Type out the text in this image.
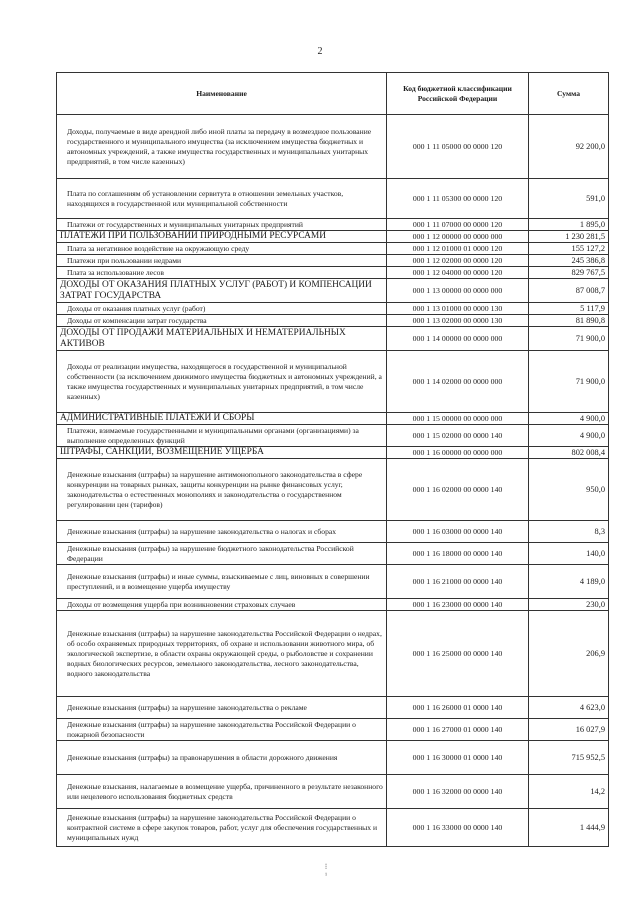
2
Наименование	Код бюджетной классификации Российской Федерации	Сумма
Доходы, получаемые в виде арендной либо иной платы за передачу в возмездное пользование государственного и муниципального имущества (за исключением имущества бюджетных и автономных учреждений, а также имущества государственных и муниципальных унитарных предприятий, в том числе казенных)	000 1 11 05000 00 0000 120	92 200,0
Плата по соглашениям об установлении сервитута в отношении земельных участков, находящихся в государственной или муниципальной собственности	000 1 11 05300 00 0000 120	591,0
Платежи от государственных и муниципальных унитарных предприятий	000 1 11 07000 00 0000 120	1 895,0
ПЛАТЕЖИ ПРИ ПОЛЬЗОВАНИИ ПРИРОДНЫМИ РЕСУРСАМИ	000 1 12 00000 00 0000 000	1 230 281,5
Плата за негативное воздействие на окружающую среду	000 1 12 01000 01 0000 120	155 127,2
Платежи при пользовании недрами	000 1 12 02000 00 0000 120	245 386,8
Плата за использование лесов	000 1 12 04000 00 0000 120	829 767,5
ДОХОДЫ ОТ ОКАЗАНИЯ ПЛАТНЫХ УСЛУГ (РАБОТ) И КОМПЕНСАЦИИ ЗАТРАТ ГОСУДАРСТВА	000 1 13 00000 00 0000 000	87 008,7
Доходы от оказания платных услуг (работ)	000 1 13 01000 00 0000 130	5 117,9
Доходы от компенсации затрат государства	000 1 13 02000 00 0000 130	81 890,8
ДОХОДЫ ОТ ПРОДАЖИ МАТЕРИАЛЬНЫХ И НЕМАТЕРИАЛЬНЫХ АКТИВОВ	000 1 14 00000 00 0000 000	71 900,0
Доходы от реализации имущества, находящегося в государственной и муниципальной собственности (за исключением движимого имущества бюджетных и автономных учреждений, а также имущества государственных и муниципальных унитарных предприятий, в том числе казенных)	000 1 14 02000 00 0000 000	71 900,0
АДМИНИСТРАТИВНЫЕ ПЛАТЕЖИ И СБОРЫ	000 1 15 00000 00 0000 000	4 900,0
Платежи, взимаемые государственными и муниципальными органами (организациями) за выполнение определенных функций	000 1 15 02000 00 0000 140	4 900,0
ШТРАФЫ, САНКЦИИ, ВОЗМЕЩЕНИЕ УЩЕРБА	000 1 16 00000 00 0000 000	802 008,4
Денежные взыскания (штрафы) за нарушение антимонопольного законодательства в сфере конкуренции на товарных рынках, защиты конкуренции на рынке финансовых услуг, законодательства о естественных монополиях и законодательства о государственном регулировании цен (тарифов)	000 1 16 02000 00 0000 140	950,0
Денежные взыскания (штрафы) за нарушение законодательства о налогах и сборах	000 1 16 03000 00 0000 140	8,3
Денежные взыскания (штрафы) за нарушение бюджетного законодательства Российской Федерации	000 1 16 18000 00 0000 140	140,0
Денежные взыскания (штрафы) и иные суммы, взыскиваемые с лиц, виновных в совершении преступлений, и в возмещение ущерба имуществу	000 1 16 21000 00 0000 140	4 189,0
Доходы от возмещения ущерба при возникновении страховых случаев	000 1 16 23000 00 0000 140	230,0
Денежные взыскания (штрафы) за нарушение законодательства Российской Федерации о недрах, об особо охраняемых природных территориях, об охране и использовании животного мира, об экологической экспертизе, в области охраны окружающей среды, о рыболовстве и сохранении водных биологических ресурсов, земельного законодательства, лесного законодательства, водного законодательства	000 1 16 25000 00 0000 140	206,9
Денежные взыскания (штрафы) за нарушение законодательства о рекламе	000 1 16 26000 01 0000 140	4 623,0
Денежные взыскания (штрафы) за нарушение законодательства Российской Федерации о пожарной безопасности	000 1 16 27000 01 0000 140	16 027,9
Денежные взыскания (штрафы) за правонарушения в области дорожного движения	000 1 16 30000 01 0000 140	715 952,5
Денежные взыскания, налагаемые в возмещение ущерба, причиненного в результате незаконного или нецелевого использования бюджетных средств	000 1 16 32000 00 0000 140	14,2
Денежные взыскания (штрафы) за нарушение законодательства Российской Федерации о контрактной системе в сфере закупок товаров, работ, услуг для обеспечения государственных и муниципальных нужд	000 1 16 33000 00 0000 140	1 444,9
⁝
ⁱ
